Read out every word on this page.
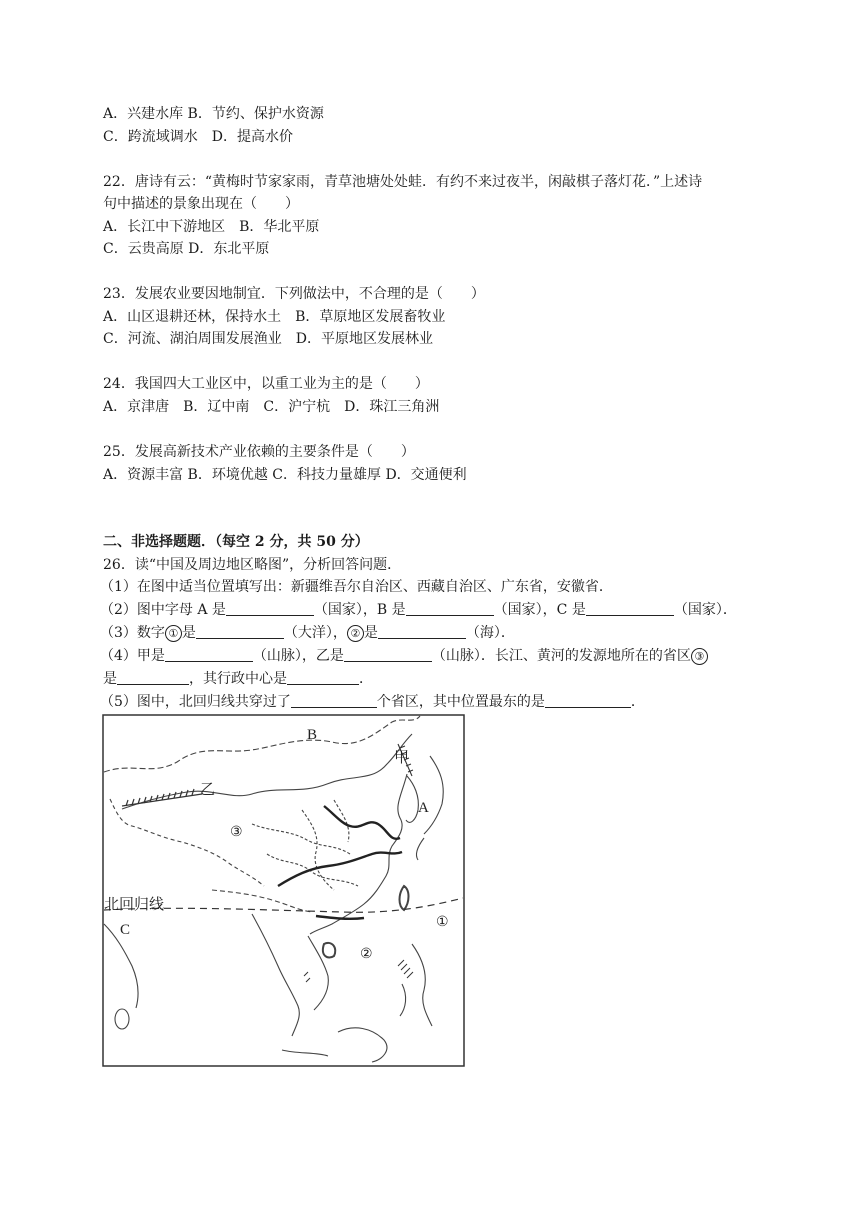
A．兴建水库 B．节约、保护水资源
C．跨流域调水 D．提高水价
22．唐诗有云：“黄梅时节家家雨，青草池塘处处蛙．有约不来过夜半，闲敲棋子落灯花．”上述诗
句中描述的景象出现在（　　）
A．长江中下游地区 B．华北平原
C．云贵高原 D．东北平原
23．发展农业要因地制宜．下列做法中，不合理的是（　　）
A．山区退耕还林，保持水土 B．草原地区发展畜牧业
C．河流、湖泊周围发展渔业 D．平原地区发展林业
24．我国四大工业区中，以重工业为主的是（　　）
A．京津唐 B．辽中南 C．沪宁杭 D．珠江三角洲
25．发展高新技术产业依赖的主要条件是（　　）
A．资源丰富 B．环境优越 C．科技力量雄厚 D．交通便利
二、非选择题题．（每空 2 分，共 50 分）
26．读“中国及周边地区略图”，分析回答问题．
（1）在图中适当位置填写出：新疆维吾尔自治区、西藏自治区、广东省，安徽省．
（2）图中字母 A 是	（国家），B 是	（国家），C 是	（国家）．
（3）数字 ① 是	（大洋）， ② 是	（海）．
（4）甲是	（山脉），乙是	（山脉）．长江、黄河的发源地所在的省区 ③
是	，其行政中心是	．
（5）图中，北回归线共穿过了	个省区，其中位置最东的是	．
B
甲
A
乙
③
北回归线
C	①
②
